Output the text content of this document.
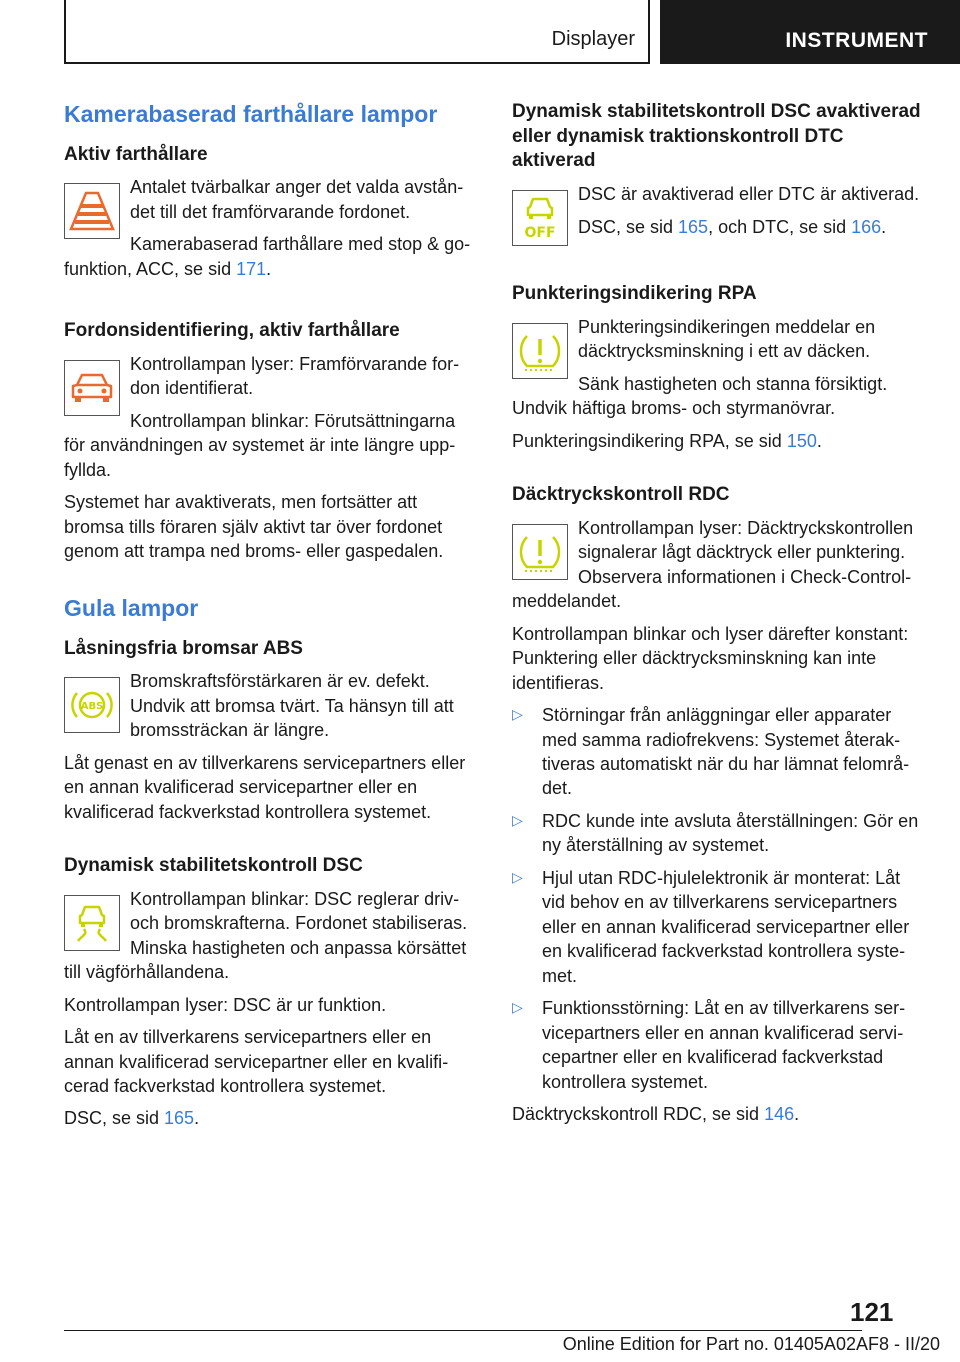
Displayer	INSTRUMENT
Kamerabaserad farthållare lampor
Aktiv farthållare

Antalet tvärbalkar anger det valda avståndet till det framförvarande fordonet.

Kamerabaserad farthållare med stop & go-funktion, ACC, se sid 171.

Fordonsidentifiering, aktiv farthållare

Kontrollampan lyser: Framförvarande fordon identifierat.

Kontrollampan blinkar: Förutsättningarna för användningen av systemet är inte längre uppfyllda.

Systemet har avaktiverats, men fortsätter att bromsa tills föraren själv aktivt tar över fordonet genom att trampa ned broms- eller gaspedalen.

Gula lampor
Låsningsfria bromsar ABS
ABS

Bromskraftsförstärkaren är ev. defekt. Undvik att bromsa tvärt. Ta hänsyn till att bromssträckan är längre.

Låt genast en av tillverkarens servicepartners eller en annan kvalificerad servicepartner eller en kvalificerad fackverkstad kontrollera systemet.

Dynamisk stabilitetskontroll DSC

Kontrollampan blinkar: DSC reglerar driv- och bromskrafterna. Fordonet stabiliseras. Minska hastigheten och anpassa körsättet till vägförhållandena.

Kontrollampan lyser: DSC är ur funktion.

Låt en av tillverkarens servicepartners eller en annan kvalificerad servicepartner eller en kvalificerad fackverkstad kontrollera systemet.

DSC, se sid 165.

Dynamisk stabilitetskontroll DSC avaktiverad eller dynamisk traktionskontroll DTC aktiverad
OFF

DSC är avaktiverad eller DTC är aktiverad.

DSC, se sid 165, och DTC, se sid 166.

Punkteringsindikering RPA

Punkteringsindikeringen meddelar en däcktrycksminskning i ett av däcken.

Sänk hastigheten och stanna försiktigt. Undvik häftiga broms- och styrmanövrar.

Punkteringsindikering RPA, se sid 150.

Däcktryckskontroll RDC

Kontrollampan lyser: Däcktryckskontrollen signalerar lågt däcktryck eller punktering. Observera informationen i Check-Control-meddelandet.

Kontrollampan blinkar och lyser därefter konstant: Punktering eller däcktrycksminskning kan inte identifieras.

▷ Störningar från anläggningar eller apparater med samma radiofrekvens: Systemet återaktiveras automatiskt när du har lämnat felområdet.
▷ RDC kunde inte avsluta återställningen: Gör en ny återställning av systemet.
▷ Hjul utan RDC-hjulelektronik är monterat: Låt vid behov en av tillverkarens servicepartners eller en annan kvalificerad servicepartner eller en kvalificerad fackverkstad kontrollera systemet.
▷ Funktionsstörning: Låt en av tillverkarens servicepartners eller en annan kvalificerad servicepartner eller en kvalificerad fackverkstad kontrollera systemet.

Däcktryckskontroll RDC, se sid 146.

121
Online Edition for Part no. 01405A02AF8 - II/20
